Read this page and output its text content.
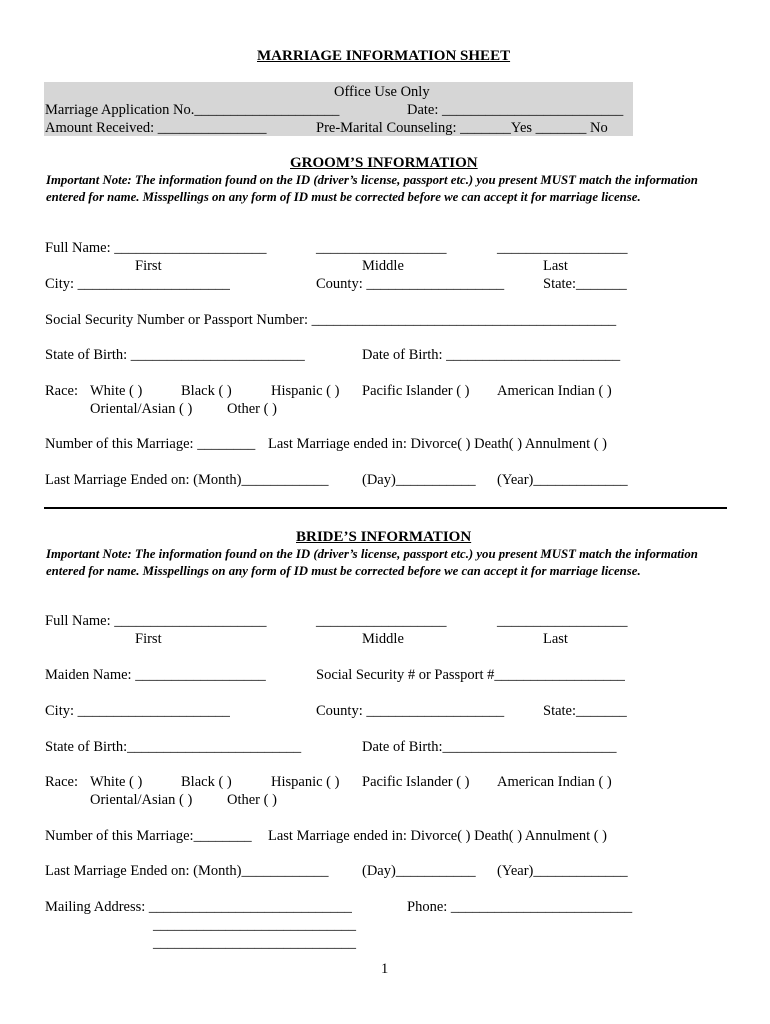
MARRIAGE INFORMATION SHEET
Office Use Only
Marriage Application No.____________________	Date: _________________________
Amount Received: _______________	Pre-Marital Counseling: _______Yes _______ No
GROOM’S INFORMATION
Important Note: The information found on the ID (driver’s license, passport etc.) you present MUST match the information entered for name. Misspellings on any form of ID must be corrected before we can accept it for marriage license.
Full Name: _____________________	__________________	__________________
First	Middle	Last
City: _____________________	County: ___________________	State:_______
Social Security Number or Passport Number: __________________________________________
State of Birth: ________________________	Date of Birth: ________________________
Race: White ( )	Black ( )	Hispanic ( ) Pacific Islander ( ) American Indian ( )
Oriental/Asian ( ) Other ( )
Number of this Marriage: ________ Last Marriage ended in: Divorce( ) Death( ) Annulment ( )
Last Marriage Ended on: (Month)____________ (Day)___________ (Year)_____________
BRIDE’S INFORMATION
Important Note: The information found on the ID (driver’s license, passport etc.) you present MUST match the information entered for name. Misspellings on any form of ID must be corrected before we can accept it for marriage license.
Full Name: _____________________	__________________	__________________
First	Middle	Last
Maiden Name: __________________	Social Security # or Passport #__________________
City: _____________________	County: ___________________	State:_______
State of Birth:________________________	Date of Birth:________________________
Race: White ( )	Black ( )	Hispanic ( ) Pacific Islander ( ) American Indian ( )
Oriental/Asian ( ) Other ( )
Number of this Marriage:________ Last Marriage ended in: Divorce( ) Death( ) Annulment ( )
Last Marriage Ended on: (Month)____________ (Day)___________ (Year)_____________
Mailing Address: ____________________________	Phone: _________________________
____________________________
____________________________
1
